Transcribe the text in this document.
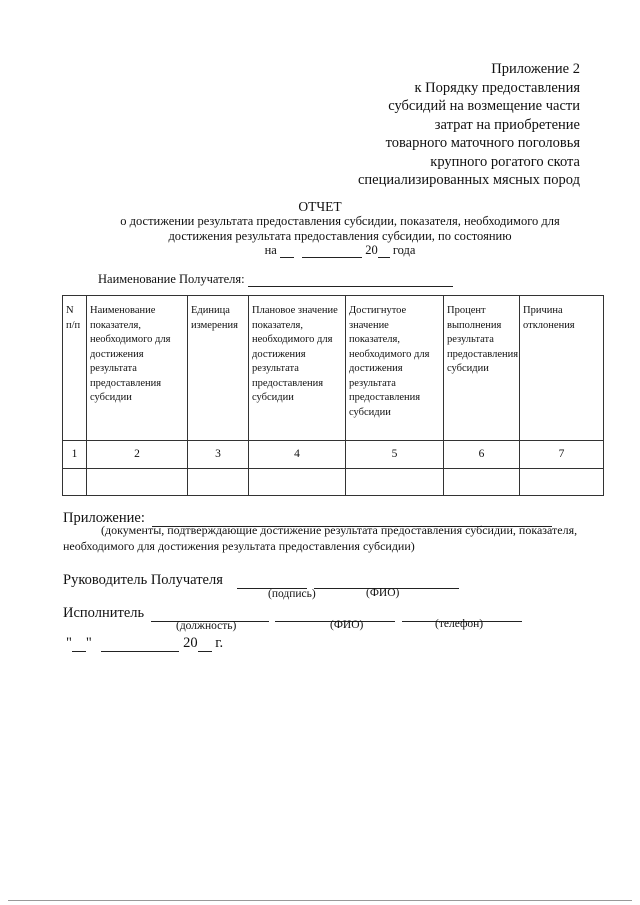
Приложение 2
к Порядку предоставления
субсидий на возмещение части
затрат на приобретение
товарного маточного поголовья
крупного рогатого скота
специализированных мясных пород
ОТЧЕТ
о достижении результата предоставления субсидии, показателя, необходимого для
достижения результата предоставления субсидии, по состоянию
на	20 года
Наименование Получателя:
N п/п	Наименование показателя, необходимого для достижения результата предоставления субсидии	Единица измерения	Плановое значение показателя, необходимого для достижения результата предоставления субсидии	Достигнутое значение показателя, необходимого для достижения результата предоставления субсидии	Процент выполнения результата предоставления субсидии	Причина отклонения
1	2	3	4	5	6	7

Приложение:
(документы, подтверждающие достижение результата предоставления субсидии, показателя, необходимого для достижения результата предоставления субсидии)
Руководитель Получателя
(подпись)	(ФИО)
Исполнитель
(должность)	(ФИО)	(телефон)
" "	20 г.
